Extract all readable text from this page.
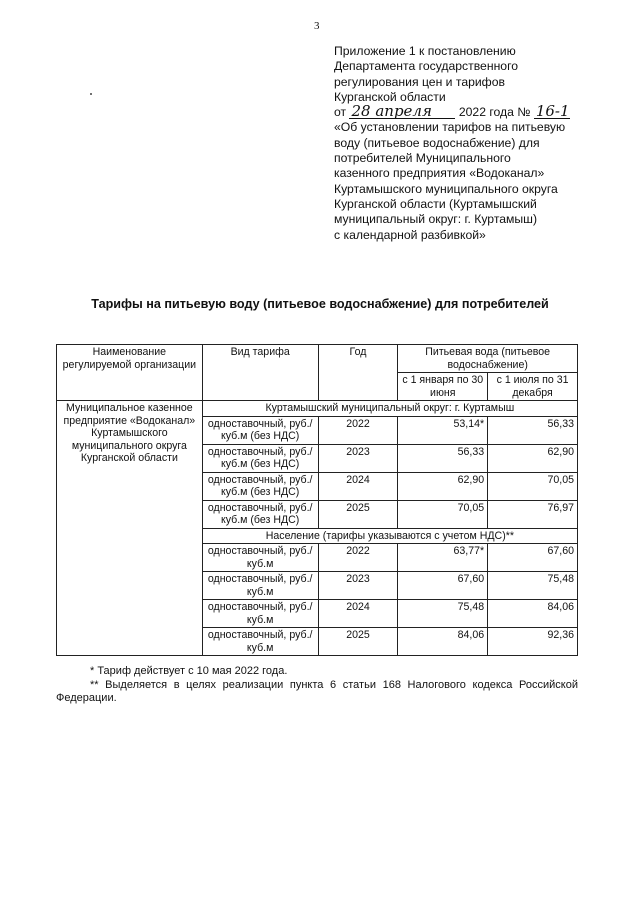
3
Приложение 1 к постановлению
Департамента государственного
регулирования цен и тарифов
Курганской области
от 28 апреля 2022 года № 16-1
«Об установлении тарифов на питьевую
воду (питьевое водоснабжение) для
потребителей Муниципального
казенного предприятия «Водоканал»
Куртамышского муниципального округа
Курганской области (Куртамышский
муниципальный округ: г. Куртамыш)
с календарной разбивкой»
Тарифы на питьевую воду (питьевое водоснабжение) для потребителей
Наименование регулируемой организации	Вид тарифа	Год	Питьевая вода (питьевое водоснабжение)	
			с 1 января по 30 июня	с 1 июля по 31 декабря
Муниципальное казенное предприятие «Водоканал» Куртамышского муниципального округа Курганской области	Куртамышский муниципальный округ: г. Куртамыш			
	одноставочный, руб./куб.м (без НДС)	2022	53,14*	56,33
	одноставочный, руб./куб.м (без НДС)	2023	56,33	62,90
	одноставочный, руб./куб.м (без НДС)	2024	62,90	70,05
	одноставочный, руб./куб.м (без НДС)	2025	70,05	76,97
	Население (тарифы указываются с учетом НДС)**			
	одноставочный, руб./куб.м	2022	63,77*	67,60
	одноставочный, руб./куб.м	2023	67,60	75,48
	одноставочный, руб./куб.м	2024	75,48	84,06
	одноставочный, руб./куб.м	2025	84,06	92,36
* Тариф действует с 10 мая 2022 года.
** Выделяется в целях реализации пункта 6 статьи 168 Налогового кодекса Российской Федерации.
